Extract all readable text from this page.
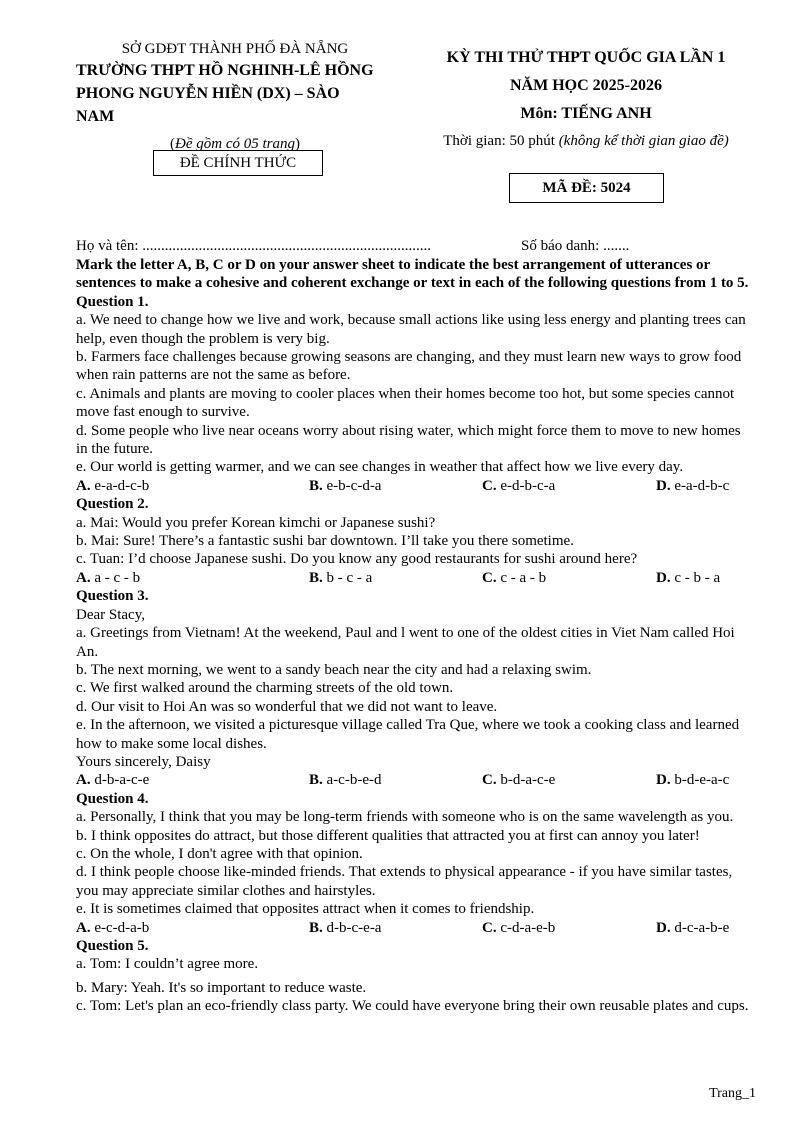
SỞ GDĐT THÀNH PHỐ ĐÀ NẴNG
TRƯỜNG THPT HỒ NGHINH-LÊ HỒNG
PHONG NGUYỄN HIỀN (DX) – SÀO
NAM
(Đề gồm có 05 trang)
ĐỀ CHÍNH THỨC
KỲ THI THỬ THPT QUỐC GIA LẦN 1
NĂM HỌC 2025-2026
Môn: TIẾNG ANH
Thời gian: 50 phút (không kể thời gian giao đề)
MÃ ĐỀ: 5024
Họ và tên: .............................................................................	Số báo danh: .......
Mark the letter A, B, C or D on your answer sheet to indicate the best arrangement of utterances or sentences to make a cohesive and coherent exchange or text in each of the following questions from 1 to 5.
Question 1.
a. We need to change how we live and work, because small actions like using less energy and planting trees can help, even though the problem is very big.
b. Farmers face challenges because growing seasons are changing, and they must learn new ways to grow food when rain patterns are not the same as before.
c. Animals and plants are moving to cooler places when their homes become too hot, but some species cannot move fast enough to survive.
d. Some people who live near oceans worry about rising water, which might force them to move to new homes in the future.
e. Our world is getting warmer, and we can see changes in weather that affect how we live every day.
A. e-a-d-c-b	B. e-b-c-d-a	C. e-d-b-c-a	D. e-a-d-b-c
Question 2.
a. Mai: Would you prefer Korean kimchi or Japanese sushi?
b. Mai: Sure! There’s a fantastic sushi bar downtown. I’ll take you there sometime.
c. Tuan: I’d choose Japanese sushi. Do you know any good restaurants for sushi around here?
A. a - c - b	B. b - c - a	C. c - a - b	D. c - b - a
Question 3.
Dear Stacy,
a. Greetings from Vietnam! At the weekend, Paul and l went to one of the oldest cities in Viet Nam called Hoi An.
b. The next morning, we went to a sandy beach near the city and had a relaxing swim.
c. We first walked around the charming streets of the old town.
d. Our visit to Hoi An was so wonderful that we did not want to leave.
e. In the afternoon, we visited a picturesque village called Tra Que, where we took a cooking class and learned how to make some local dishes.
Yours sincerely, Daisy
A. d-b-a-c-e	B. a-c-b-e-d	C. b-d-a-c-e	D. b-d-e-a-c
Question 4.
a. Personally, I think that you may be long-term friends with someone who is on the same wavelength as you.
b. I think opposites do attract, but those different qualities that attracted you at first can annoy you later!
c. On the whole, I don't agree with that opinion.
d. I think people choose like-minded friends. That extends to physical appearance - if you have similar tastes, you may appreciate similar clothes and hairstyles.
e. It is sometimes claimed that opposites attract when it comes to friendship.
A. e-c-d-a-b	B. d-b-c-e-a	C. c-d-a-e-b	D. d-c-a-b-e
Question 5.
a. Tom: I couldn’t agree more.
b. Mary: Yeah. It's so important to reduce waste.
c. Tom: Let's plan an eco-friendly class party. We could have everyone bring their own reusable plates and cups.
Trang_1
